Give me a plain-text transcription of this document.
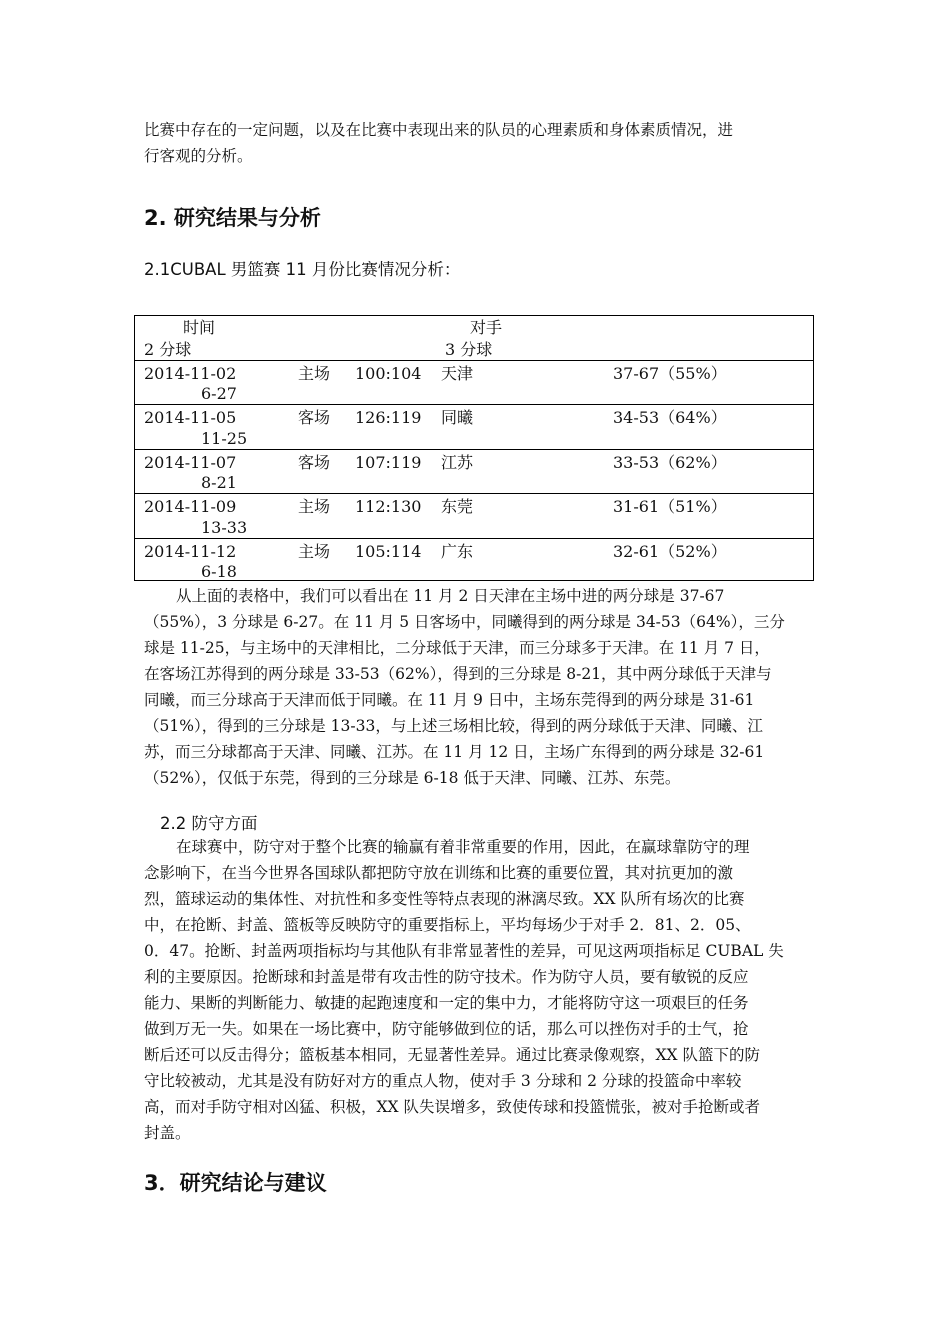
比赛中存在的一定问题，以及在比赛中表现出来的队员的心理素质和身体素质情况，进
行客观的分析。
2. 研究结果与分析
2.1CUBAL 男篮赛 11 月份比赛情况分析：
时间	对手
2 分球	3 分球
2014-11-02	主场 100:104 天津	37-67（55%）
6-27
2014-11-05	客场 126:119 同曦	34-53（64%）
11-25
2014-11-07	客场 107:119 江苏	33-53（62%）
8-21
2014-11-09	主场 112:130 东莞	31-61（51%）
13-33
2014-11-12	主场 105:114 广东	32-61（52%）
6-18
从上面的表格中，我们可以看出在 11 月 2 日天津在主场中进的两分球是 37-67
（55%），3 分球是 6-27。在 11 月 5 日客场中，同曦得到的两分球是 34-53（64%），三分
球是 11-25，与主场中的天津相比，二分球低于天津，而三分球多于天津。在 11 月 7 日，
在客场江苏得到的两分球是 33-53（62%），得到的三分球是 8-21，其中两分球低于天津与
同曦，而三分球高于天津而低于同曦。在 11 月 9 日中，主场东莞得到的两分球是 31-61
（51%），得到的三分球是 13-33，与上述三场相比较，得到的两分球低于天津、同曦、江
苏，而三分球都高于天津、同曦、江苏。在 11 月 12 日，主场广东得到的两分球是 32-61
（52%），仅低于东莞，得到的三分球是 6-18 低于天津、同曦、江苏、东莞。
2.2 防守方面
在球赛中，防守对于整个比赛的输赢有着非常重要的作用，因此，在赢球靠防守的理
念影响下，在当今世界各国球队都把防守放在训练和比赛的重要位置，其对抗更加的激
烈，篮球运动的集体性、对抗性和多变性等特点表现的淋漓尽致。XX 队所有场次的比赛
中，在抢断、封盖、篮板等反映防守的重要指标上，平均每场少于对手 2．81、2．05、
0．47。抢断、封盖两项指标均与其他队有非常显著性的差异，可见这两项指标足 CUBAL 失
利的主要原因。抢断球和封盖是带有攻击性的防守技术。作为防守人员，要有敏锐的反应
能力、果断的判断能力、敏捷的起跑速度和一定的集中力，才能将防守这一项艰巨的任务
做到万无一失。如果在一场比赛中，防守能够做到位的话，那么可以挫伤对手的士气，抢
断后还可以反击得分；篮板基本相同，无显著性差异。通过比赛录像观察，XX 队篮下的防
守比较被动，尤其是没有防好对方的重点人物，使对手 3 分球和 2 分球的投篮命中率较
高，而对手防守相对凶猛、积极，XX 队失误增多，致使传球和投篮慌张，被对手抢断或者
封盖。
3．研究结论与建议
